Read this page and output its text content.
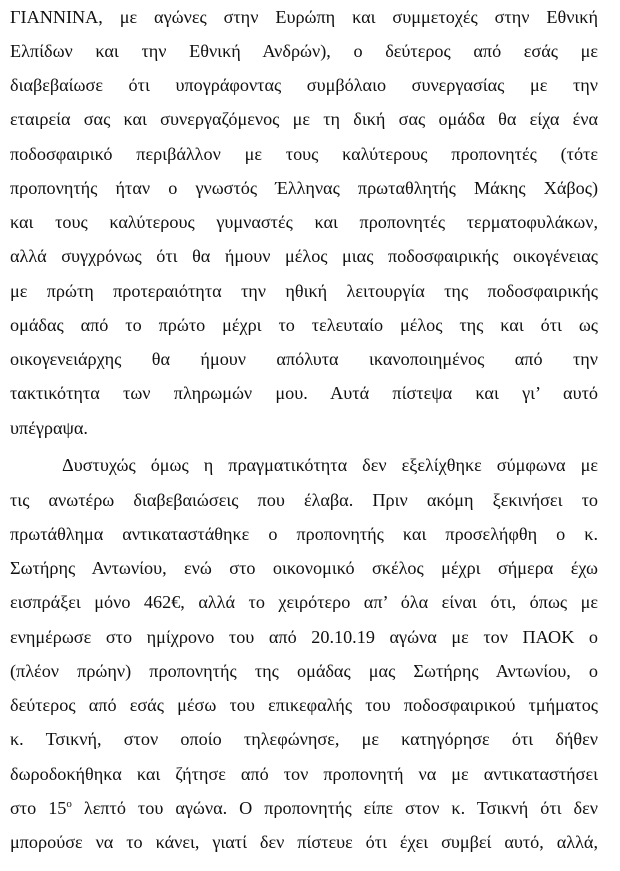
ΓΙΑΝΝΙΝΑ, με αγώνες στην Ευρώπη και συμμετοχές στην Εθνική
Ελπίδων και την Εθνική Ανδρών), ο δεύτερος από εσάς με
διαβεβαίωσε ότι υπογράφοντας συμβόλαιο συνεργασίας με την
εταιρεία σας και συνεργαζόμενος με τη δική σας ομάδα θα είχα ένα
ποδοσφαιρικό περιβάλλον με τους καλύτερους προπονητές (τότε
προπονητής ήταν ο γνωστός Έλληνας πρωταθλητής Μάκης Χάβος)
και τους καλύτερους γυμναστές και προπονητές τερματοφυλάκων,
αλλά συγχρόνως ότι θα ήμουν μέλος μιας ποδοσφαιρικής οικογένειας
με πρώτη προτεραιότητα την ηθική λειτουργία της ποδοσφαιρικής
ομάδας από το πρώτο μέχρι το τελευταίο μέλος της και ότι ως
οικογενειάρχης θα ήμουν απόλυτα ικανοποιημένος από την
τακτικότητα των πληρωμών μου. Αυτά πίστεψα και γι’ αυτό
υπέγραψα.
Δυστυχώς όμως η πραγματικότητα δεν εξελίχθηκε σύμφωνα με
τις ανωτέρω διαβεβαιώσεις που έλαβα. Πριν ακόμη ξεκινήσει το
πρωτάθλημα αντικαταστάθηκε ο προπονητής και προσελήφθη ο κ.
Σωτήρης Αντωνίου, ενώ στο οικονομικό σκέλος μέχρι σήμερα έχω
εισπράξει μόνο 462€, αλλά το χειρότερο απ’ όλα είναι ότι, όπως με
ενημέρωσε στο ημίχρονο του από 20.10.19 αγώνα με τον ΠΑΟΚ ο
(πλέον πρώην) προπονητής της ομάδας μας Σωτήρης Αντωνίου, ο
δεύτερος από εσάς μέσω του επικεφαλής του ποδοσφαιρικού τμήματος
κ. Τσικνή, στον οποίο τηλεφώνησε, με κατηγόρησε ότι δήθεν
δωροδοκήθηκα και ζήτησε από τον προπονητή να με αντικαταστήσει
στο $15^o$ λεπτό του αγώνα. Ο προπονητής είπε στον κ. Τσικνή ότι δεν
μπορούσε να το κάνει, γιατί δεν πίστευε ότι έχει συμβεί αυτό, αλλά,
